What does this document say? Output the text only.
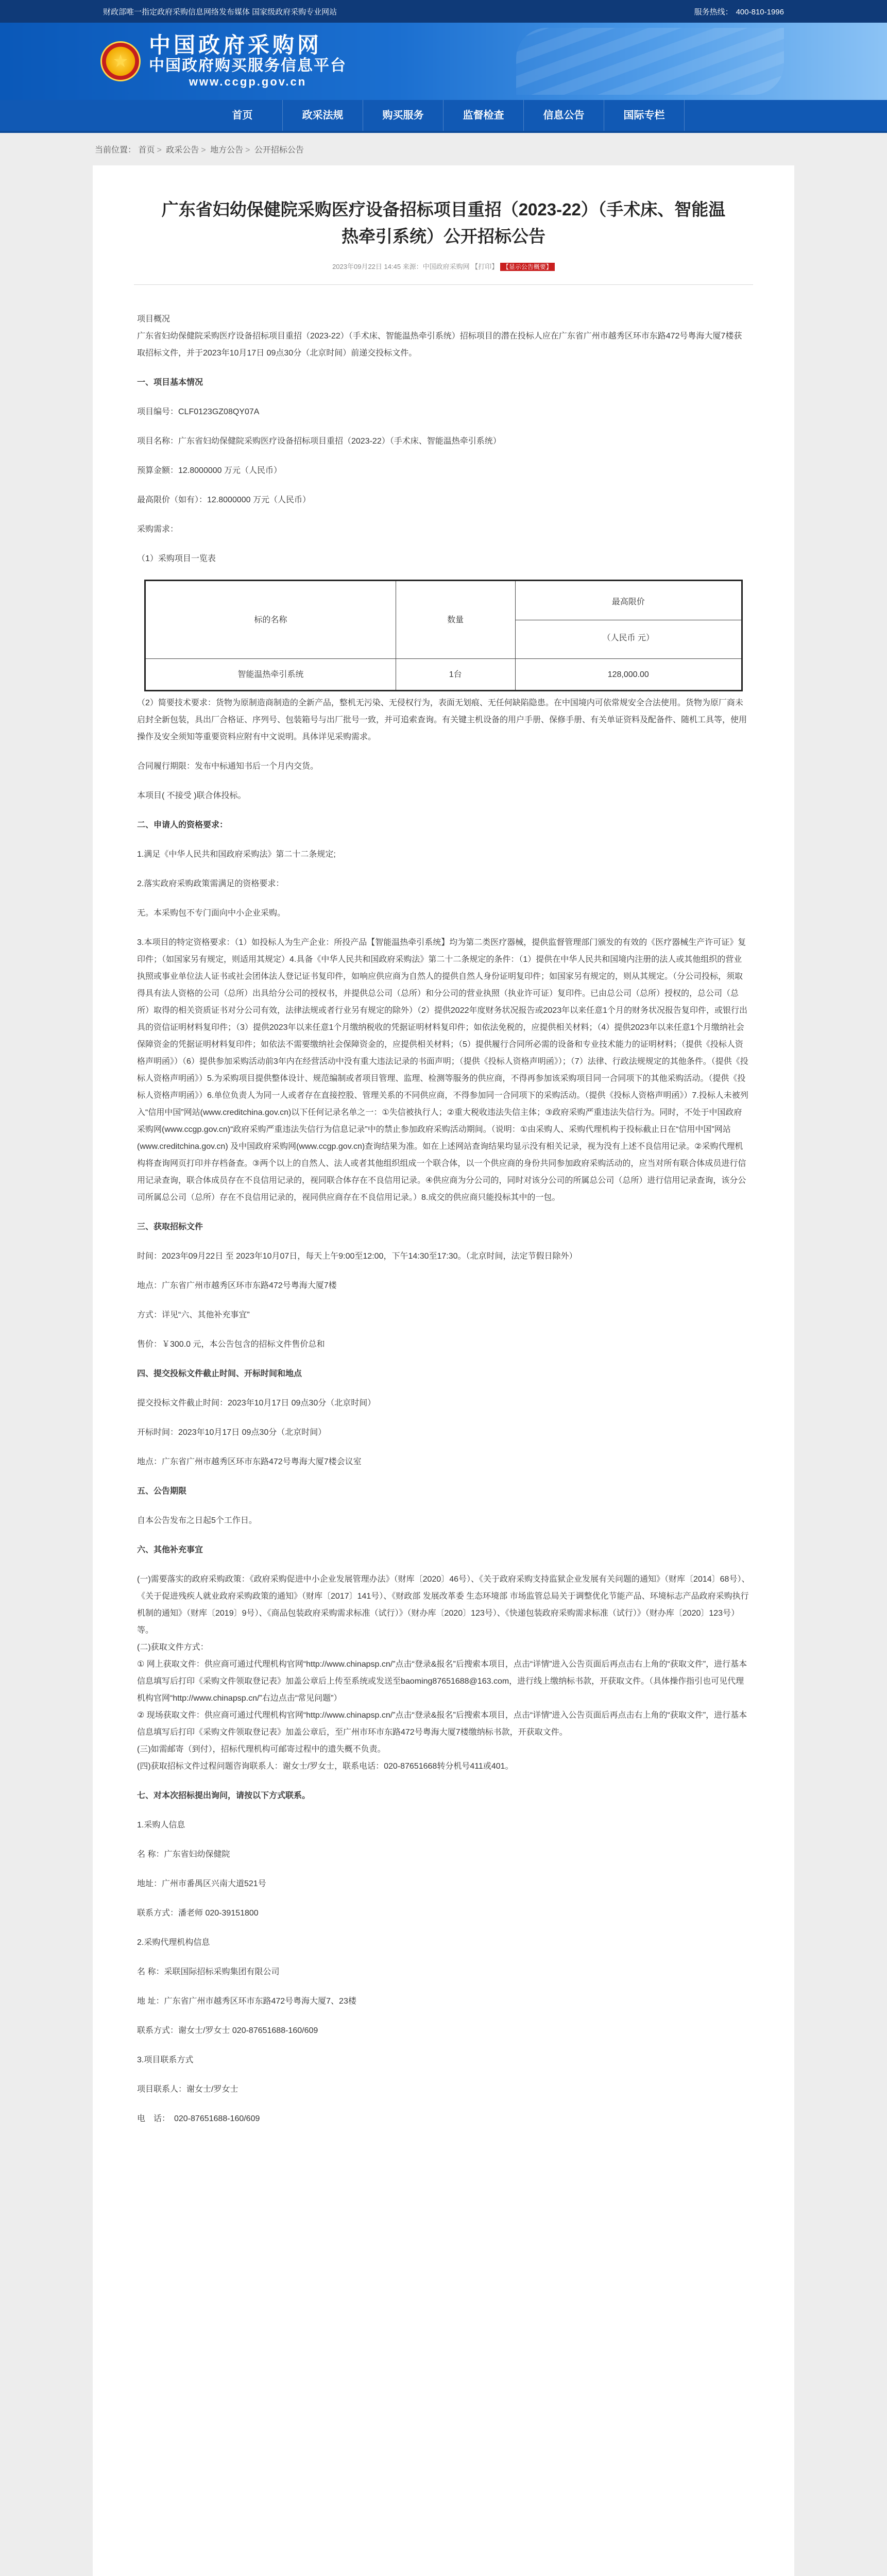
财政部唯一指定政府采购信息网络发布媒体 国家级政府采购专业网站	服务热线： 400-810-1996
★
中国政府采购网
中国政府购买服务信息平台
www.ccgp.gov.cn
首页	政采法规	购买服务	监督检查	信息公告	国际专栏
当前位置： 首页 > 政采公告 > 地方公告 > 公开招标公告
广东省妇幼保健院采购医疗设备招标项目重招（2023-22）（手术床、智能温热牵引系统）公开招标公告
2023年09月22日 14:45 来源：中国政府采购网 【打印】 【显示公告概要】

项目概况

广东省妇幼保健院采购医疗设备招标项目重招（2023-22）（手术床、智能温热牵引系统）招标项目的潜在投标人应在广东省广州市越秀区环市东路472号粤海大厦7楼获取招标文件，并于2023年10月17日 09点30分（北京时间）前递交投标文件。

一、项目基本情况

项目编号：CLF0123GZ08QY07A

项目名称：广东省妇幼保健院采购医疗设备招标项目重招（2023-22）（手术床、智能温热牵引系统）

预算金额：12.8000000 万元（人民币）

最高限价（如有）：12.8000000 万元（人民币）

采购需求：

（1）采购项目一览表

标的名称	数量	最高限价
（人民币 元）

智能温热牵引系统	1台	128,000.00

（2）简要技术要求：货物为原制造商制造的全新产品，整机无污染、无侵权行为，表面无划痕、无任何缺陷隐患。在中国境内可依常规安全合法使用。货物为原厂商未启封全新包装，具出厂合格证、序列号、包装箱号与出厂批号一致，并可追索查询。有关键主机设备的用户手册、保修手册、有关单证资料及配备件、随机工具等，使用操作及安全须知等重要资料应附有中文说明。具体详见采购需求。

合同履行期限：发布中标通知书后一个月内交货。

本项目( 不接受 )联合体投标。

二、申请人的资格要求：

1.满足《中华人民共和国政府采购法》第二十二条规定;

2.落实政府采购政策需满足的资格要求：

无。本采购包不专门面向中小企业采购。

3.本项目的特定资格要求：（1）如投标人为生产企业：所投产品【智能温热牵引系统】均为第二类医疗器械，提供监督管理部门颁发的有效的《医疗器械生产许可证》复印件；（如国家另有规定，则适用其规定）4.具备《中华人民共和国政府采购法》第二十二条规定的条件：（1）提供在中华人民共和国境内注册的法人或其他组织的营业执照或事业单位法人证书或社会团体法人登记证书复印件，如响应供应商为自然人的提供自然人身份证明复印件；如国家另有规定的，则从其规定。（分公司投标，须取得具有法人资格的公司（总所）出具给分公司的授权书，并提供总公司（总所）和分公司的营业执照（执业许可证）复印件。已由总公司（总所）授权的，总公司（总所）取得的相关资质证书对分公司有效，法律法规或者行业另有规定的除外）（2）提供2022年度财务状况报告或2023年以来任意1个月的财务状况报告复印件，或银行出具的资信证明材料复印件；（3）提供2023年以来任意1个月缴纳税收的凭据证明材料复印件；如依法免税的，应提供相关材料；（4）提供2023年以来任意1个月缴纳社会保障资金的凭据证明材料复印件；如依法不需要缴纳社会保障资金的，应提供相关材料；（5）提供履行合同所必需的设备和专业技术能力的证明材料；（提供《投标人资格声明函》）（6）提供参加采购活动前3年内在经营活动中没有重大违法记录的书面声明；（提供《投标人资格声明函》）；（7）法律、行政法规规定的其他条件。（提供《投标人资格声明函》）5.为采购项目提供整体设计、规范编制或者项目管理、监理、检测等服务的供应商，不得再参加该采购项目同一合同项下的其他采购活动。（提供《投标人资格声明函》）6.单位负责人为同一人或者存在直接控股、管理关系的不同供应商，不得参加同一合同项下的采购活动。（提供《投标人资格声明函》）7.投标人未被列入“信用中国”网站(www.creditchina.gov.cn)以下任何记录名单之一：①失信被执行人；②重大税收违法失信主体；③政府采购严重违法失信行为。同时，不处于中国政府采购网(www.ccgp.gov.cn)“政府采购严重违法失信行为信息记录”中的禁止参加政府采购活动期间。（说明：①由采购人、采购代理机构于投标截止日在“信用中国”网站(www.creditchina.gov.cn) 及中国政府采购网(www.ccgp.gov.cn)查询结果为准。如在上述网站查询结果均显示没有相关记录，视为没有上述不良信用记录。②采购代理机构将查询网页打印并存档备查。③两个以上的自然人、法人或者其他组织组成一个联合体，以一个供应商的身份共同参加政府采购活动的，应当对所有联合体成员进行信用记录查询，联合体成员存在不良信用记录的，视同联合体存在不良信用记录。④供应商为分公司的，同时对该分公司的所属总公司（总所）进行信用记录查询，该分公司所属总公司（总所）存在不良信用记录的，视同供应商存在不良信用记录。）8.成交的供应商只能投标其中的一包。

三、获取招标文件

时间：2023年09月22日 至 2023年10月07日，每天上午9:00至12:00，下午14:30至17:30。（北京时间，法定节假日除外）

地点：广东省广州市越秀区环市东路472号粤海大厦7楼

方式：详见“六、其他补充事宜”

售价：￥300.0 元，本公告包含的招标文件售价总和

四、提交投标文件截止时间、开标时间和地点

提交投标文件截止时间：2023年10月17日 09点30分（北京时间）

开标时间：2023年10月17日 09点30分（北京时间）

地点：广东省广州市越秀区环市东路472号粤海大厦7楼会议室

五、公告期限

自本公告发布之日起5个工作日。

六、其他补充事宜

(一)需要落实的政府采购政策：《政府采购促进中小企业发展管理办法》（财库〔2020〕46号）、《关于政府采购支持监狱企业发展有关问题的通知》（财库〔2014〕68号）、《关于促进残疾人就业政府采购政策的通知》（财库〔2017〕141号）、《财政部 发展改革委 生态环境部 市场监管总局关于调整优化节能产品、环境标志产品政府采购执行机制的通知》（财库〔2019〕9号）、《商品包装政府采购需求标准（试行）》（财办库〔2020〕123号）、《快递包装政府采购需求标准（试行）》（财办库〔2020〕123号）等。

(二)获取文件方式：

① 网上获取文件：供应商可通过代理机构官网“http://www.chinapsp.cn/”点击“登录&报名”后搜索本项目，点击“详情”进入公告页面后再点击右上角的“获取文件”，进行基本信息填写后打印《采购文件领取登记表》加盖公章后上传至系统或发送至baoming87651688@163.com，进行线上缴纳标书款，开获取文件。（具体操作指引也可见代理机构官网“http://www.chinapsp.cn/”右边点击“常见问题”）

② 现场获取文件：供应商可通过代理机构官网“http://www.chinapsp.cn/”点击“登录&报名”后搜索本项目，点击“详情”进入公告页面后再点击右上角的“获取文件”，进行基本信息填写后打印《采购文件领取登记表》加盖公章后，至广州市环市东路472号粤海大厦7楼缴纳标书款，开获取文件。

(三)如需邮寄（到付），招标代理机构可邮寄过程中的遗失概不负责。

(四)获取招标文件过程问题咨询联系人：谢女士/罗女士，联系电话：020-87651668转分机号411或401。

七、对本次招标提出询问，请按以下方式联系。

1.采购人信息

名 称：广东省妇幼保健院

地址：广州市番禺区兴南大道521号

联系方式：潘老师 020-39151800

2.采购代理机构信息

名 称：采联国际招标采购集团有限公司

地 址：广东省广州市越秀区环市东路472号粤海大厦7、23楼

联系方式：谢女士/罗女士 020-87651688-160/609

3.项目联系方式

项目联系人：谢女士/罗女士

电　话：　020-87651688-160/609
